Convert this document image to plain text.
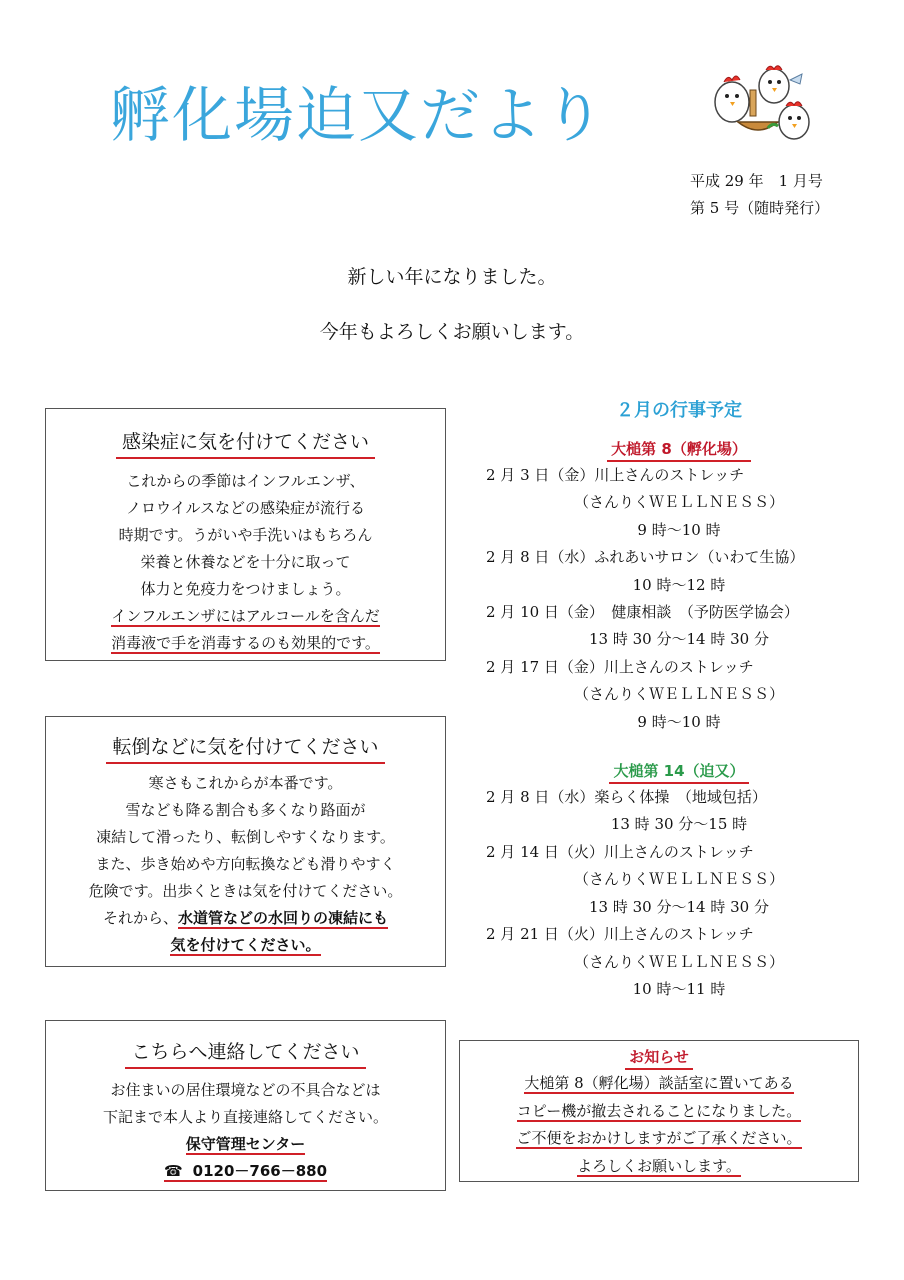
孵化場迫又だより
平成 29 年　1 月号
第 5 号（随時発行）
新しい年になりました。
今年もよろしくお願いします。
感染症に気を付けてください
これからの季節はインフルエンザ、
ノロウイルスなどの感染症が流行る
時期です。うがいや手洗いはもちろん
栄養と休養などを十分に取って
体力と免疫力をつけましょう。
インフルエンザにはアルコールを含んだ
消毒液で手を消毒するのも効果的です。
転倒などに気を付けてください
寒さもこれからが本番です。
雪なども降る割合も多くなり路面が
凍結して滑ったり、転倒しやすくなります。
また、歩き始めや方向転換なども滑りやすく
危険です。出歩くときは気を付けてください。
それから、水道管などの水回りの凍結にも
気を付けてください。
こちらへ連絡してください
お住まいの居住環境などの不具合などは
下記まで本人より直接連絡してください。
保守管理センター
☎ 0120－766－880
２月の行事予定
大槌第 8（孵化場）
2 月 3 日（金）川上さんのストレッチ
（さんりくＷＥＬＬＮＥＳＳ）
9 時～10 時
2 月 8 日（水）ふれあいサロン（いわて生協）
10 時～12 時
2 月 10 日（金）　健康相談　（予防医学協会）
13 時 30 分～14 時 30 分
2 月 17 日（金）川上さんのストレッチ
（さんりくＷＥＬＬＮＥＳＳ）
9 時～10 時
大槌第 14（迫又）
2 月 8 日（水）楽らく体操　（地域包括）
13 時 30 分～15 時
2 月 14 日（火）川上さんのストレッチ
（さんりくＷＥＬＬＮＥＳＳ）
13 時 30 分～14 時 30 分
2 月 21 日（火）川上さんのストレッチ
（さんりくＷＥＬＬＮＥＳＳ）
10 時～11 時
お知らせ
大槌第 8（孵化場）談話室に置いてある
コピー機が撤去されることになりました。
ご不便をおかけしますがご了承ください。
よろしくお願いします。
